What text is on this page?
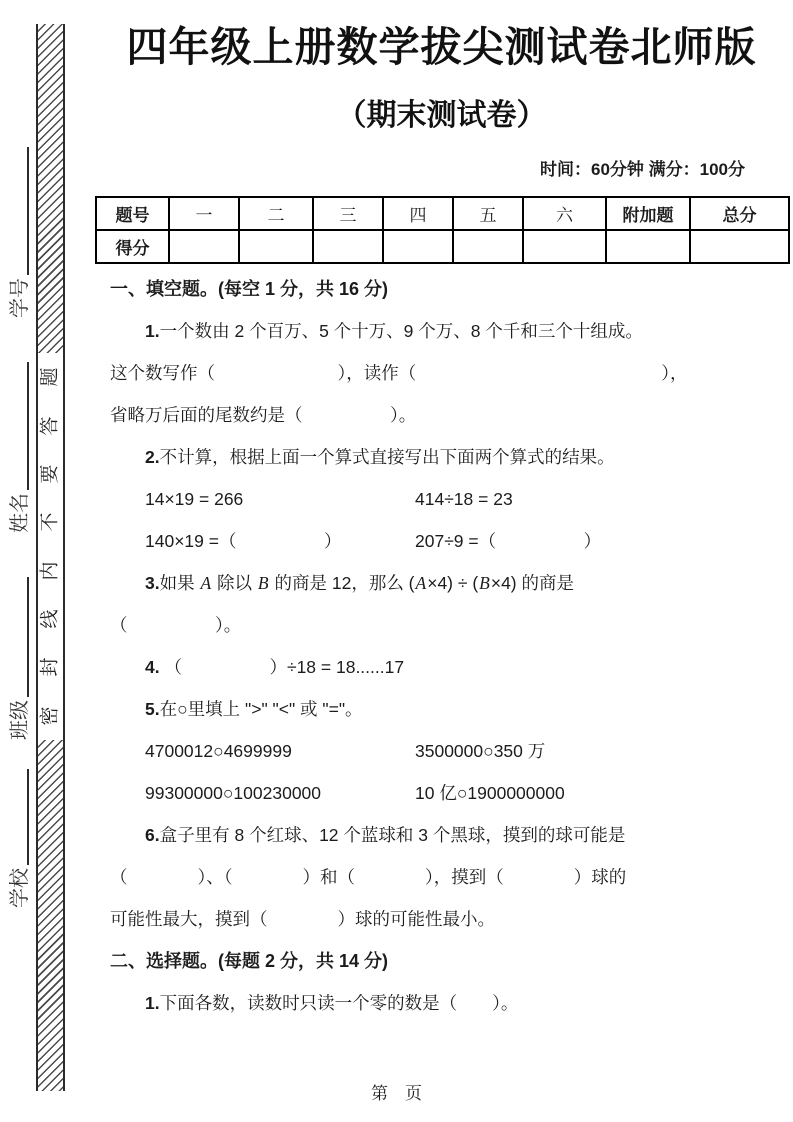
学号
姓名
班级
学校
题
答
要
不
内
线
封
密
四年级上册数学拔尖测试卷北师版
（期末测试卷）
时间：60分钟 满分：100分
题号	一	二	三	四	五	六	附加题	总分
得分								
一、填空题。(每空 1 分，共 16 分)
1.一个数由 2 个百万、5 个十万、9 个万、8 个千和三个十组成。
这个数写作（　　　　　　　），读作（　　　　　　　　　　　　　　），
省略万后面的尾数约是（　　　　　）。
2.不计算，根据上面一个算式直接写出下面两个算式的结果。
14×19 = 266	414÷18 = 23
140×19 =（　　　　　）	207÷9 =（　　　　　）
3.如果 A 除以 B 的商是 12，那么 (A×4) ÷ (B×4) 的商是
（　　　　　）。
4. （　　　　　）÷18 = 18......17
5.在○里填上 ">" "<" 或 "="。
4700012○4699999	3500000○350 万
99300000○100230000	10 亿○1900000000
6.盒子里有 8 个红球、12 个蓝球和 3 个黑球，摸到的球可能是
（　　　　）、（　　　　）和（　　　　），摸到（　　　　）球的
可能性最大，摸到（　　　　）球的可能性最小。
二、选择题。(每题 2 分，共 14 分)
1.下面各数，读数时只读一个零的数是（　　）。
第　页
